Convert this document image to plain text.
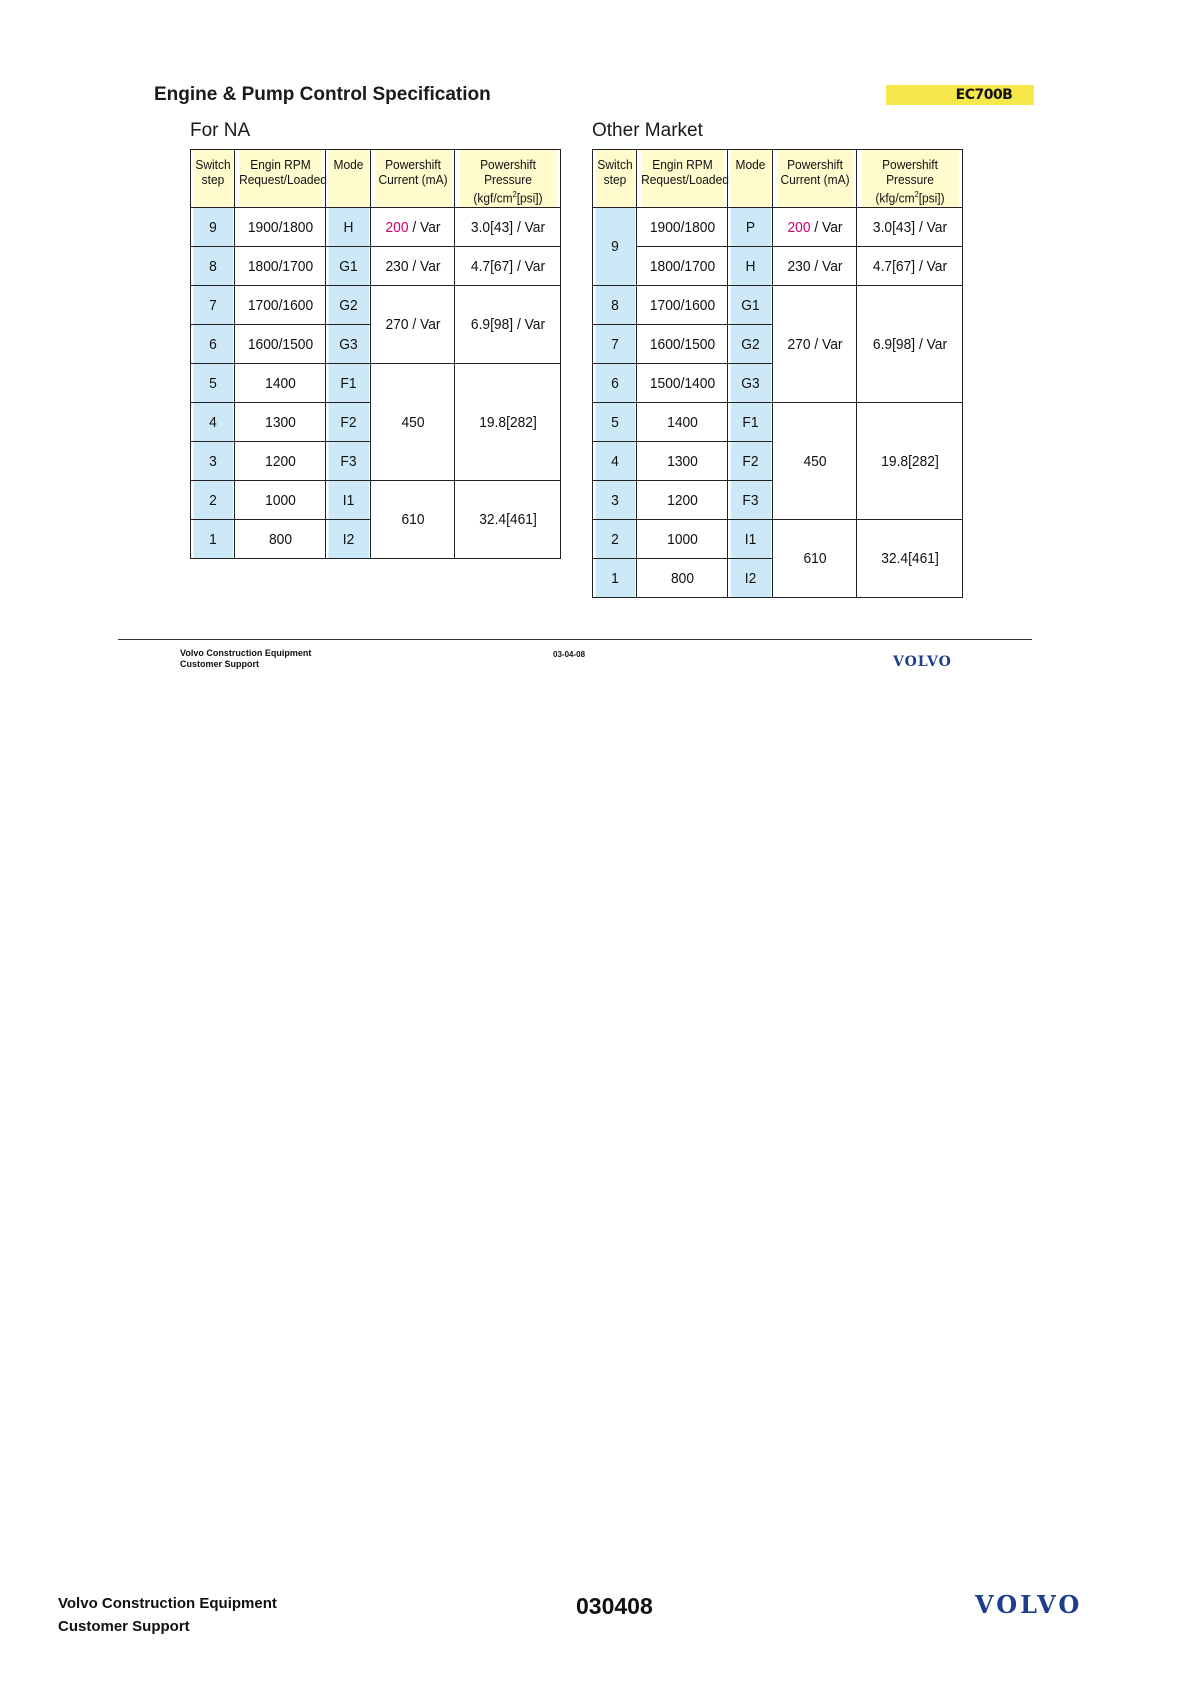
Engine & Pump Control Specification	EC700B
For NA
Switch step	Engin RPM Request/Loaded	Mode	Powershift Current (mA)	Powershift Pressure $(kgf/cm^2[psi])$
9	1900/1800	H	200 / Var	3.0[43] / Var
8	1800/1700	G1	230 / Var	4.7[67] / Var
7	1700/1600	G2	270 / Var	6.9[98] / Var
6	1600/1500	G3		
5	1400	F1	450	19.8[282]
4	1300	F2		
3	1200	F3		
2	1000	I1	610	32.4[461]
1	800	I2		
Other Market
Switch step	Engin RPM Request/Loaded	Mode	Powershift Current (mA)	Powershift Pressure $(kfg/cm^2[psi])$
9	1900/1800	P	200 / Var	3.0[43] / Var
	1800/1700	H	230 / Var	4.7[67] / Var
8	1700/1600	G1	270 / Var	6.9[98] / Var
7	1600/1500	G2		
6	1500/1400	G3		
5	1400	F1	450	19.8[282]
4	1300	F2		
3	1200	F3		
2	1000	I1	610	32.4[461]
1	800	I2		
Volvo Construction Equipment
Customer Support
03-04-08	VOLVO
Volvo Construction Equipment
Customer Support
030408	VOLVO
